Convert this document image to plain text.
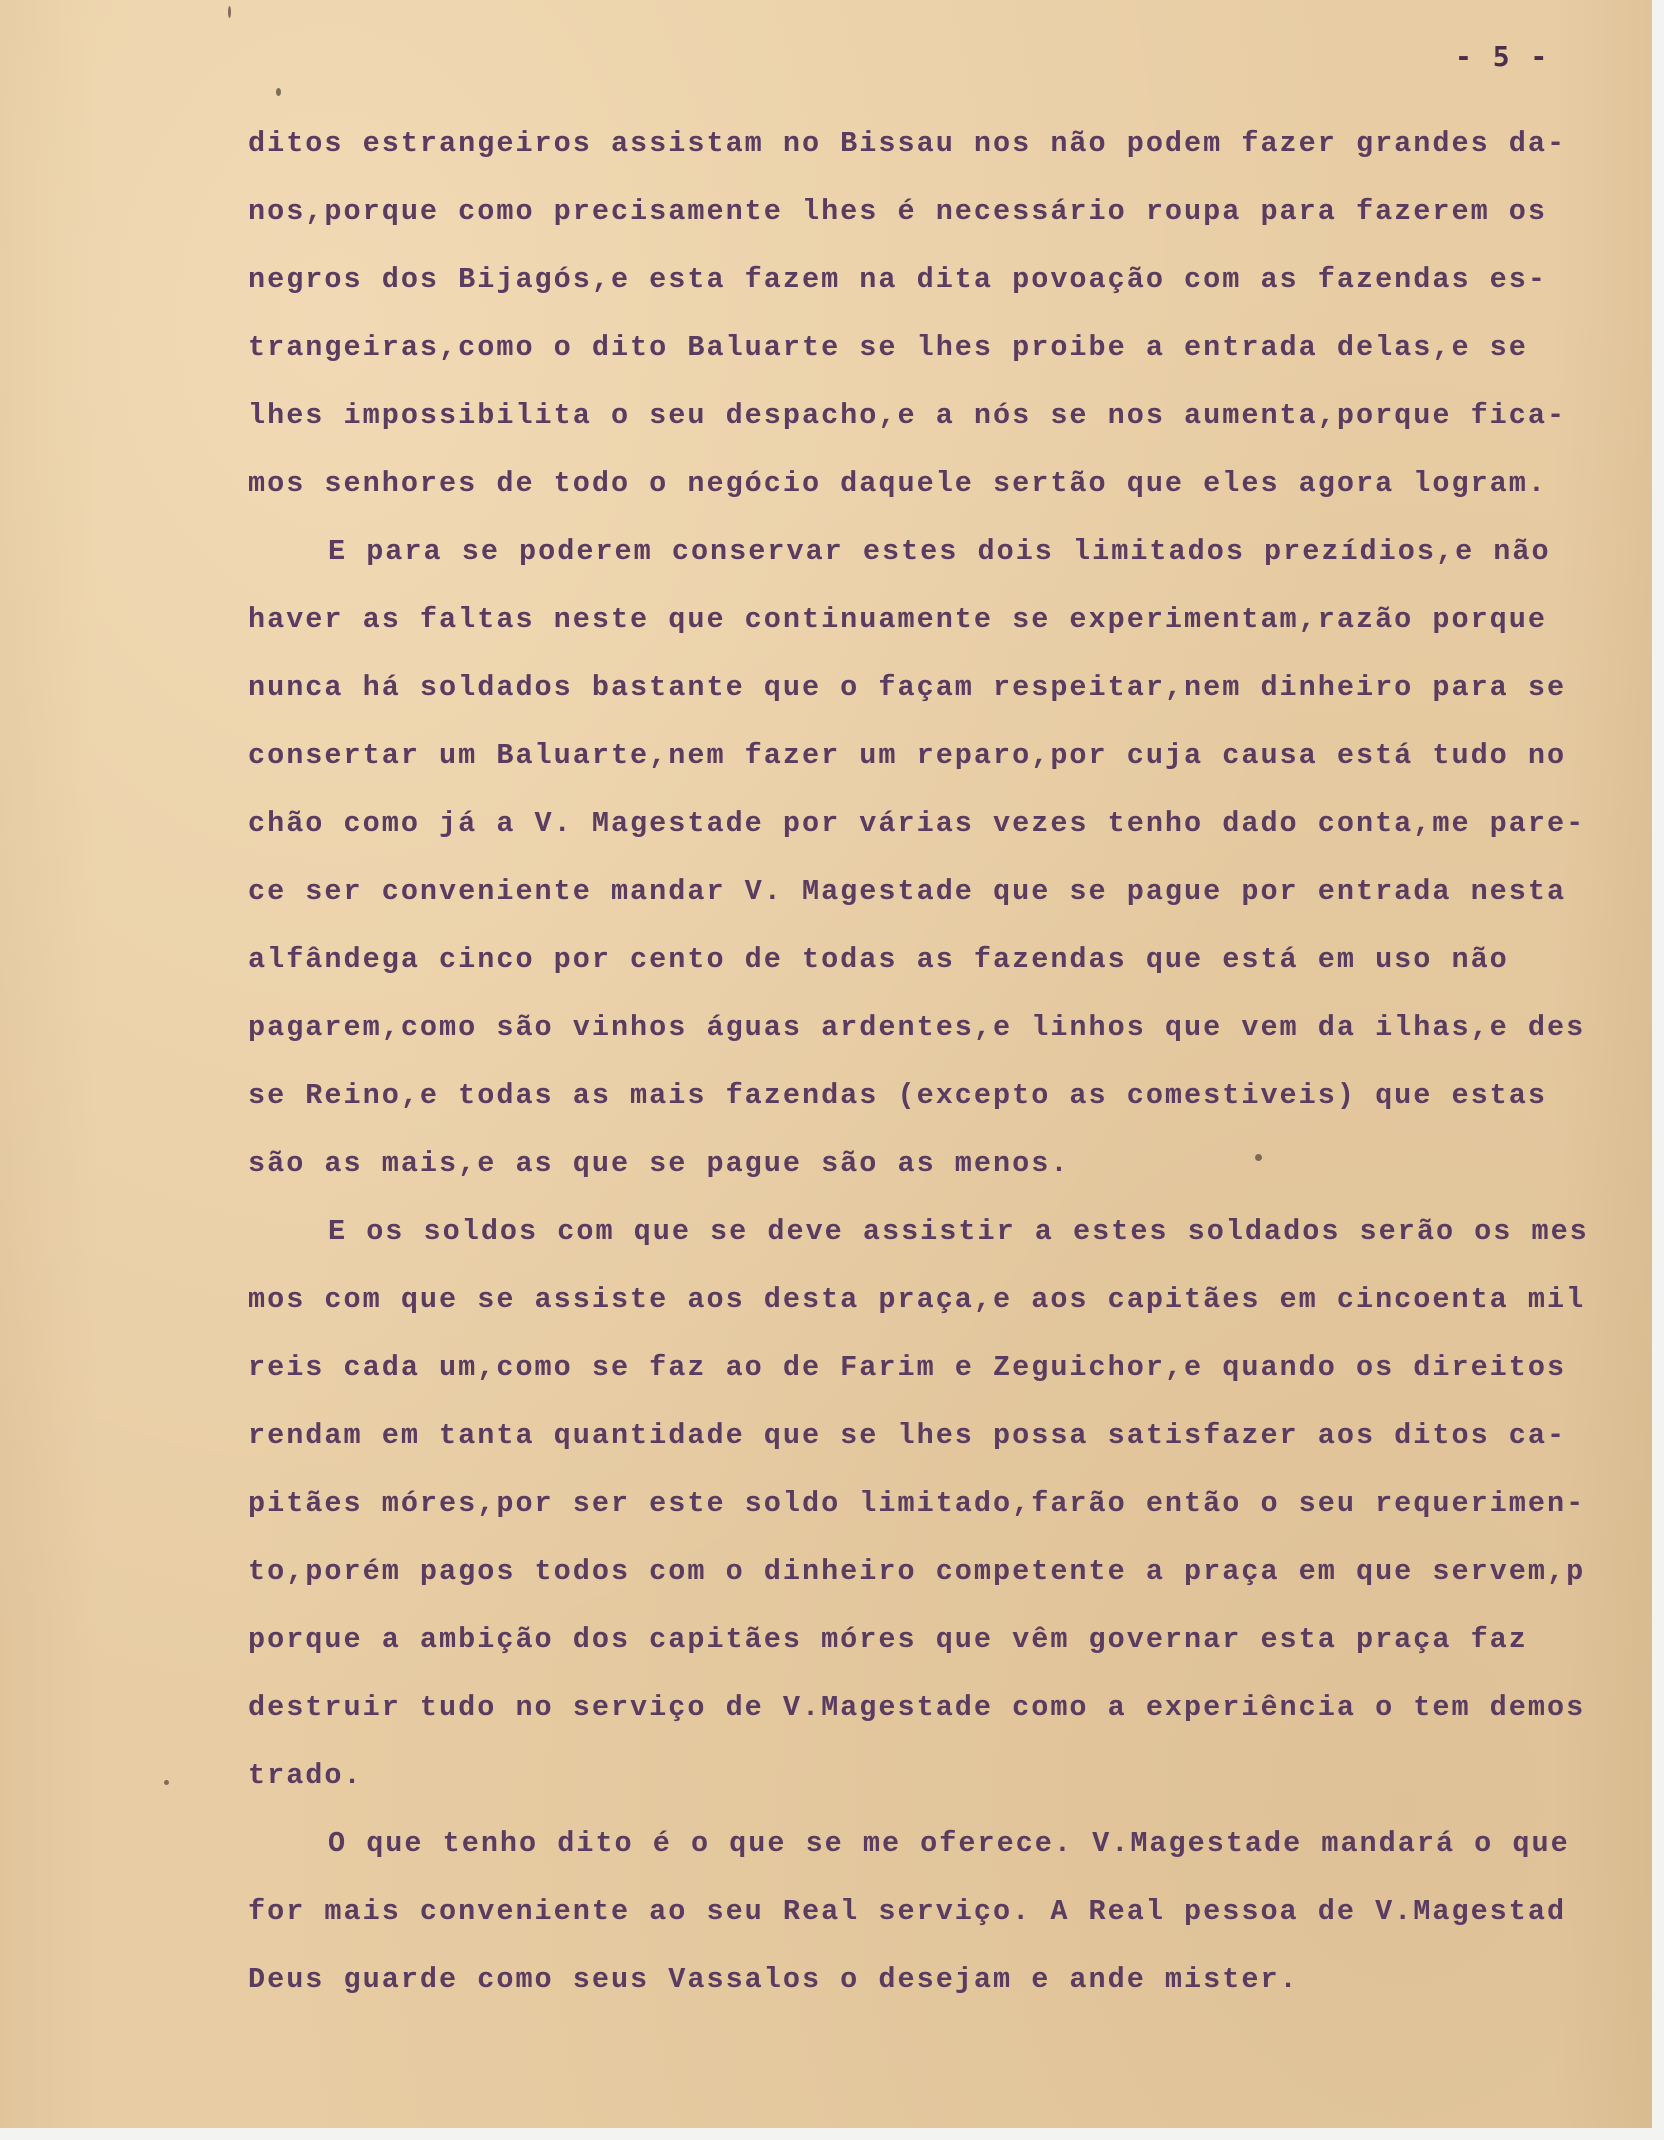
- 5 -
ditos estrangeiros assistam no Bissau nos não podem fazer grandes da-
nos,porque como precisamente lhes é necessário roupa para fazerem os
negros dos Bijagós,e esta fazem na dita povoação com as fazendas es-
trangeiras,como o dito Baluarte se lhes proibe a entrada delas,e se
lhes impossibilita o seu despacho,e a nós se nos aumenta,porque fica-
mos senhores de todo o negócio daquele sertão que eles agora logram.
E para se poderem conservar estes dois limitados prezídios,e não
haver as faltas neste que continuamente se experimentam,razão porque
nunca há soldados bastante que o façam respeitar,nem dinheiro para se
consertar um Baluarte,nem fazer um reparo,por cuja causa está tudo no
chão como já a V. Magestade por várias vezes tenho dado conta,me pare-
ce ser conveniente mandar V. Magestade que se pague por entrada nesta
alfândega cinco por cento de todas as fazendas que está em uso não
pagarem,como são vinhos águas ardentes,e linhos que vem da ilhas,e des
se Reino,e todas as mais fazendas (excepto as comestiveis) que estas
são as mais,e as que se pague são as menos.
E os soldos com que se deve assistir a estes soldados serão os mes
mos com que se assiste aos desta praça,e aos capitães em cincoenta mil
reis cada um,como se faz ao de Farim e Zeguichor,e quando os direitos
rendam em tanta quantidade que se lhes possa satisfazer aos ditos ca-
pitães móres,por ser este soldo limitado,farão então o seu requerimen-
to,porém pagos todos com o dinheiro competente a praça em que servem,p
porque a ambição dos capitães móres que vêm governar esta praça faz
destruir tudo no serviço de V.Magestade como a experiência o tem demos
trado.
O que tenho dito é o que se me oferece. V.Magestade mandará o que
for mais conveniente ao seu Real serviço. A Real pessoa de V.Magestad
Deus guarde como seus Vassalos o desejam e ande mister.
